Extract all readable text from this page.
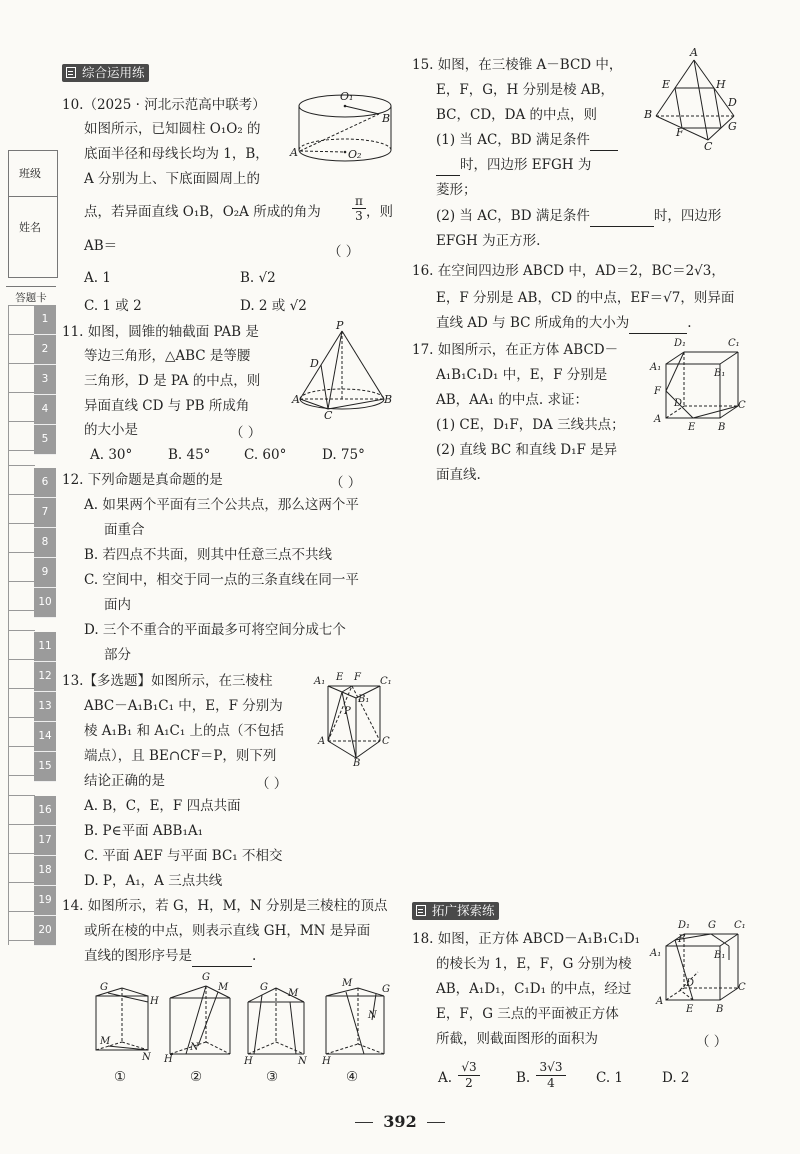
班级
姓名
答题卡
1
2
3
4
5
6
7
8
9
10
11
12
13
14
15
16
17
18
19
20
综合运用练
10.（2025 · 河北示范高中联考）
如图所示，已知圆柱 O₁O₂ 的
底面半径和母线长均为 1，B，
A 分别为上、下底面圆周上的
点，若异面直线 O₁B，O₂A 所成的角为	$\frac{\pi}{3}$ ，则
AB＝	（ ）
A. 1	B. √2
C. 1 或 2	D. 2 或 √2
O₁
B
A	O₂
11. 如图，圆锥的轴截面 PAB 是
等边三角形，△ABC 是等腰
三角形，D 是 PA 的中点，则
异面直线 CD 与 PB 所成角
的大小是	（ ）
A. 30°	B. 45° C. 60°	D. 75°
P
D
A	B
C
12. 下列命题是真命题的是	（ ）
A. 如果两个平面有三个公共点，那么这两个平
面重合
B. 若四点不共面，则其中任意三点不共线
C. 空间中，相交于同一点的三条直线在同一平
面内
D. 三个不重合的平面最多可将空间分成七个
部分
13.【多选题】如图所示，在三棱柱
ABC－A₁B₁C₁ 中，E，F 分别为
棱 A₁B₁ 和 A₁C₁ 上的点（不包括
端点），且 BE∩CF＝P，则下列
结论正确的是	（ ）
A. B，C，E，F 四点共面
B. P∈平面 ABB₁A₁
C. 平面 AEF 与平面 BC₁ 不相交
D. P，A₁，A 三点共线
A₁ E F C₁
B₁
P
C
A
B
14. 如图所示，若 G，H，M，N 分别是三棱柱的顶点
或所在棱的中点，则表示直线 GH，MN 是异面
直线的图形序号是	.
G
H
M
N
①
G
M
N
H
②
G
M
H	N
③
M
G
N
H
④
15. 如图，在三棱锥 A－BCD 中，
E，F，G，H 分别是棱 AB，
BC，CD，DA 的中点，则
(1) 当 AC，BD 满足条件
时，四边形 EFGH 为
菱形；
(2) 当 AC，BD 满足条件	时，四边形
EFGH 为正方形.
A
E	H
B
D
F	G
C
16. 在空间四边形 ABCD 中，AD＝2，BC＝2√3，
E，F 分别是 AB，CD 的中点，EF＝√7，则异面
直线 AD 与 BC 所成角的大小为	.
17. 如图所示，在正方体 ABCD－
A₁B₁C₁D₁ 中，E，F 分别是
AB，AA₁ 的中点. 求证：
(1) CE，D₁F，DA 三线共点；
(2) 直线 BC 和直线 D₁F 是异
面直线.
D₁	C₁
A₁
B₁
F
D	C
A
E B
拓广探索练
18. 如图，正方体 ABCD－A₁B₁C₁D₁
的棱长为 1，E，F，G 分别为棱
AB，A₁D₁，C₁D₁ 的中点，经过
E，F，G 三点的平面被正方体
所截，则截面图形的面积为	（ ）
A. $\frac{√3}{2}$	B. $\frac{3√3}{4} C$. 1	D. 2
D₁ G C₁
F
A₁	B₁
D	C
A
E B
392
